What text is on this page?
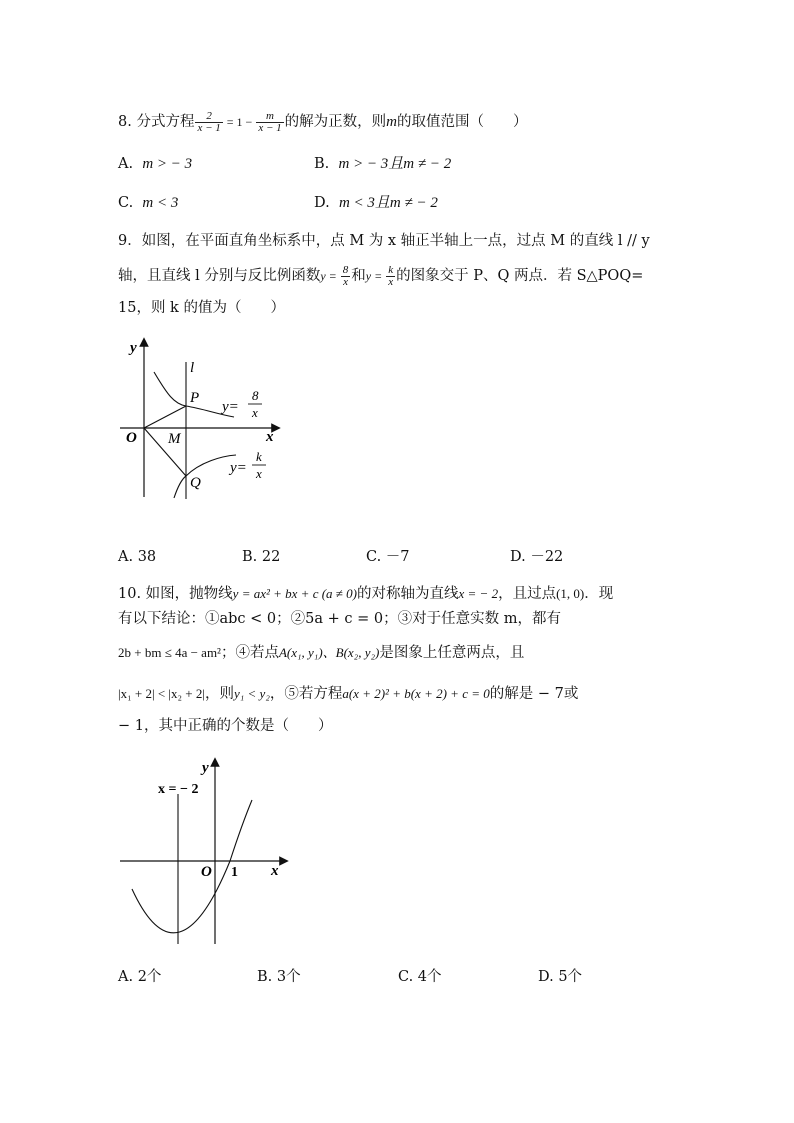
8. 分式方程 $\frac{2}{x - 1} = 1 - \frac{m}{x - 1}$ 的解为正数，则m的取值范围（　　）
A. m > − 3	B. m > − 3且m ≠ − 2
C. m < 3	D. m < 3且m ≠ − 2
9．如图，在平面直角坐标系中，点 M 为 x 轴正半轴上一点，过点 M 的直线 l // y
轴，且直线 l 分别与反比例函数$y = \frac{8}{x}$ 和$y = \frac{k}{x}$ 的图象交于 P、Q 两点．若 S△POQ=
15，则 k 的值为（　　）
y
x
O
l
P
M
Q
y=
8
x
y=
k
x
A. 38	B. 22	C. －7	D. －22
10. 如图，抛物线y = ax² + bx + c (a ≠ 0)的对称轴为直线x = − 2，且过点(1, 0)．现
有以下结论：①abc < 0；②5a + c = 0；③对于任意实数 m，都有
2b + bm ≤ 4a − am²；④若点A(x₁, y₁)、B(x₂, y₂)是图象上任意两点，且
|x₁ + 2| < |x₂ + 2|，则y₁ < y₂，⑤若方程a(x + 2)² + b(x + 2) + c = 0的解是 − 7或
− 1，其中正确的个数是（　　）
x = − 2
y
x
O 1
A. 2个	B. 3个	C. 4个	D. 5个
